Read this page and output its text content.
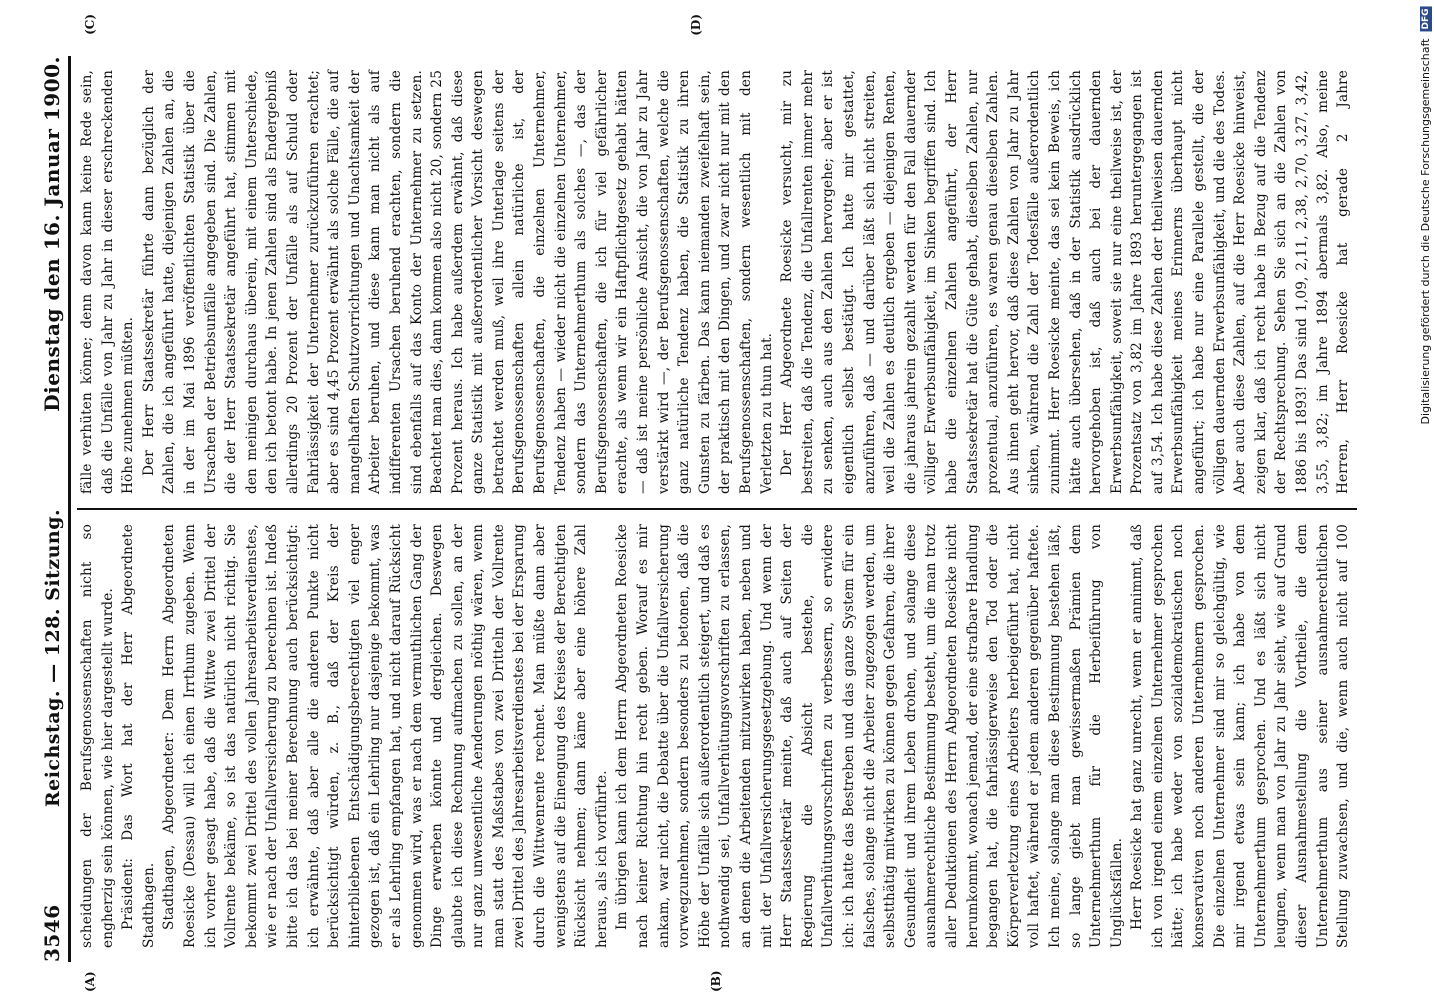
3546
Reichstag. — 128. Sitzung.
Dienstag den 16. Januar 1900.
(A)	(B)
(C)	(D)

scheidungen der Berufsgenossenschaften nicht so engherzig sein können, wie hier dargestellt wurde. Präsident: Das Wort hat der Herr Abgeordnete Stadthagen. Stadthagen, Abgeordneter: Dem Herrn Abgeordneten Roesicke (Dessau) will ich einen Irrthum zugeben. Wenn ich vorher gesagt habe, daß die Wittwe zwei Drittel der Vollrente bekäme, so ist das natürlich nicht richtig. Sie bekommt zwei Drittel des vollen Jahresarbeitsverdienstes, wie er nach der Unfallversicherung zu berechnen ist. Indeß bitte ich das bei meiner Berechnung auch berücksichtigt: ich erwähnte, daß aber alle die anderen Punkte nicht berücksichtigt würden, z. B., daß der Kreis der hinterbliebenen Entschädigungsberechtigten viel enger gezogen ist, daß ein Lehrling nur dasjenige bekommt, was er als Lehrling empfangen hat, und nicht darauf Rücksicht genommen wird, was er nach dem vermuthlichen Gang der Dinge erwerben könnte und dergleichen. Deswegen glaubte ich diese Rechnung aufmachen zu sollen, an der nur ganz unwesentliche Aenderungen nöthig wären, wenn man statt des Maßstabes von zwei Dritteln der Vollrente zwei Drittel des Jahresarbeitsverdienstes bei der Ersparung durch die Wittwenrente rechnet. Man müßte dann aber wenigstens auf die Einengung des Kreises der Berechtigten Rücksicht nehmen; dann käme aber eine höhere Zahl heraus, als ich vorführte. Im übrigen kann ich dem Herrn Abgeordneten Roesicke nach keiner Richtung hin recht geben. Worauf es mir ankam, war nicht, die Debatte über die Unfallversicherung vorwegzunehmen, sondern besonders zu betonen, daß die Höhe der Unfälle sich außerordentlich steigert, und daß es nothwendig sei, Unfallverhütungsvorschriften zu erlassen, an denen die Arbeitenden mitzuwirken haben, neben und mit der Unfallversicherungsgesetzgebung. Und wenn der Herr Staatssekretär meinte, daß auch auf Seiten der Regierung die Absicht bestehe, die Unfallverhütungsvorschriften zu verbessern, so erwidere ich: ich hatte das Bestreben und das ganze System für ein falsches, solange nicht die Arbeiter zugezogen werden, um selbstthätig mitwirken zu können gegen Gefahren, die ihrer Gesundheit und ihrem Leben drohen, und solange diese ausnahmerechtliche Bestimmung besteht, um die man trotz aller Deduktionen des Herrn Abgeordneten Roesicke nicht herumkommt, wonach jemand, der eine strafbare Handlung begangen hat, die fahrlässigerweise den Tod oder die Körperverletzung eines Arbeiters herbeigeführt hat, nicht voll haftet, während er jedem anderen gegenüber haftete. Ich meine, solange man diese Bestimmung bestehen läßt, so lange giebt man gewissermaßen Prämien dem Unternehmerthum für die Herbeiführung von Unglücksfällen. Herr Roesicke hat ganz unrecht, wenn er annimmt, daß ich von irgend einem einzelnen Unternehmer gesprochen hätte; ich habe weder von sozialdemokratischen noch konservativen noch anderen Unternehmern gesprochen. Die einzelnen Unternehmer sind mir so gleichgültig, wie mir irgend etwas sein kann; ich habe von dem Unternehmerthum gesprochen. Und es läßt sich nicht leugnen, wenn man von Jahr zu Jahr sieht, wie auf Grund dieser Ausnahmestellung die Vortheile, die dem Unternehmerthum aus seiner ausnahmerechtlichen Stellung zuwachsen, und die, wenn auch nicht auf 100

fälle verhüten könne; denn davon kann keine Rede sein, daß die Unfälle von Jahr zu Jahr in dieser erschreckenden Höhe zunehmen müßten. Der Herr Staatssekretär führte dann bezüglich der Zahlen, die ich angeführt hatte, diejenigen Zahlen an, die in der im Mai 1896 veröffentlichten Statistik über die Ursachen der Betriebsunfälle angegeben sind. Die Zahlen, die der Herr Staatssekretär angeführt hat, stimmen mit den meinigen durchaus überein, mit einem Unterschiede, den ich betont habe. In jenen Zahlen sind als Endergebniß allerdings 20 Prozent der Unfälle als auf Schuld oder Fahrlässigkeit der Unternehmer zurückzuführen erachtet; aber es sind 4,45 Prozent erwähnt als solche Fälle, die auf mangelhaften Schutzvorrichtungen und Unachtsamkeit der Arbeiter beruhen, und diese kann man nicht als auf indifferenten Ursachen beruhend erachten, sondern die sind ebenfalls auf das Konto der Unternehmer zu setzen. Beachtet man dies, dann kommen also nicht 20, sondern 25 Prozent heraus. Ich habe außerdem erwähnt, daß diese ganze Statistik mit außerordentlicher Vorsicht deswegen betrachtet werden muß, weil ihre Unterlage seitens der Berufsgenossenschaften allein natürliche ist, der Berufsgenossenschaften, die einzelnen Unternehmer, Tendenz haben — wieder nicht die einzelnen Unternehmer, sondern das Unternehmerthum als solches —, das der Berufsgenossenschaften, die ich für viel gefährlicher erachte, als wenn wir ein Haftpflichtgesetz gehabt hätten — daß ist meine persönliche Ansicht, die von Jahr zu Jahr verstärkt wird —, der Berufsgenossenschaften, welche die ganz natürliche Tendenz haben, die Statistik zu ihren Gunsten zu färben. Das kann niemanden zweifelhaft sein, der praktisch mit den Dingen, und zwar nicht nur mit den Berufsgenossenschaften, sondern wesentlich mit den Verletzten zu thun hat. Der Herr Abgeordnete Roesicke versucht, mir zu bestreiten, daß die Tendenz, die Unfallrenten immer mehr zu senken, auch aus den Zahlen hervorgehe; aber er ist eigentlich selbst bestätigt. Ich hatte mir gestattet, anzuführen, daß — und darüber läßt sich nicht streiten, weil die Zahlen es deutlich ergeben — diejenigen Renten, die jahraus jahrein gezahlt werden für den Fall dauernder völliger Erwerbsunfähigkeit, im Sinken begriffen sind. Ich habe die einzelnen Zahlen angeführt, der Herr Staatssekretär hat die Güte gehabt, dieselben Zahlen, nur prozentual, anzuführen, es waren genau dieselben Zahlen. Aus ihnen geht hervor, daß diese Zahlen von Jahr zu Jahr sinken, während die Zahl der Todesfälle außerordentlich zunimmt. Herr Roesicke meinte, das sei kein Beweis, ich hätte auch übersehen, daß in der Statistik ausdrücklich hervorgehoben ist, daß auch bei der dauernden Erwerbsunfähigkeit, soweit sie nur eine theilweise ist, der Prozentsatz von 3,82 im Jahre 1893 heruntergegangen ist auf 3,54. Ich habe diese Zahlen der theilweisen dauernden Erwerbsunfähigkeit meines Erinnerns überhaupt nicht angeführt; ich habe nur eine Parallele gestellt, die der völligen dauernden Erwerbsunfähigkeit, und die des Todes. Aber auch diese Zahlen, auf die Herr Roesicke hinweist, zeigen klar, daß ich recht habe in Bezug auf die Tendenz der Rechtsprechung. Sehen Sie sich an die Zahlen von 1886 bis 1893! Das sind 1,09, 2,11, 2,38, 2,70, 3,27, 3,42, 3,55, 3,82; im Jahre 1894 abermals 3,82. Also, meine Herren, Herr Roesicke hat gerade 2 Jahre	Digitalisierung gefördert durch die Deutsche Forschungsgemeinschaft DFG
